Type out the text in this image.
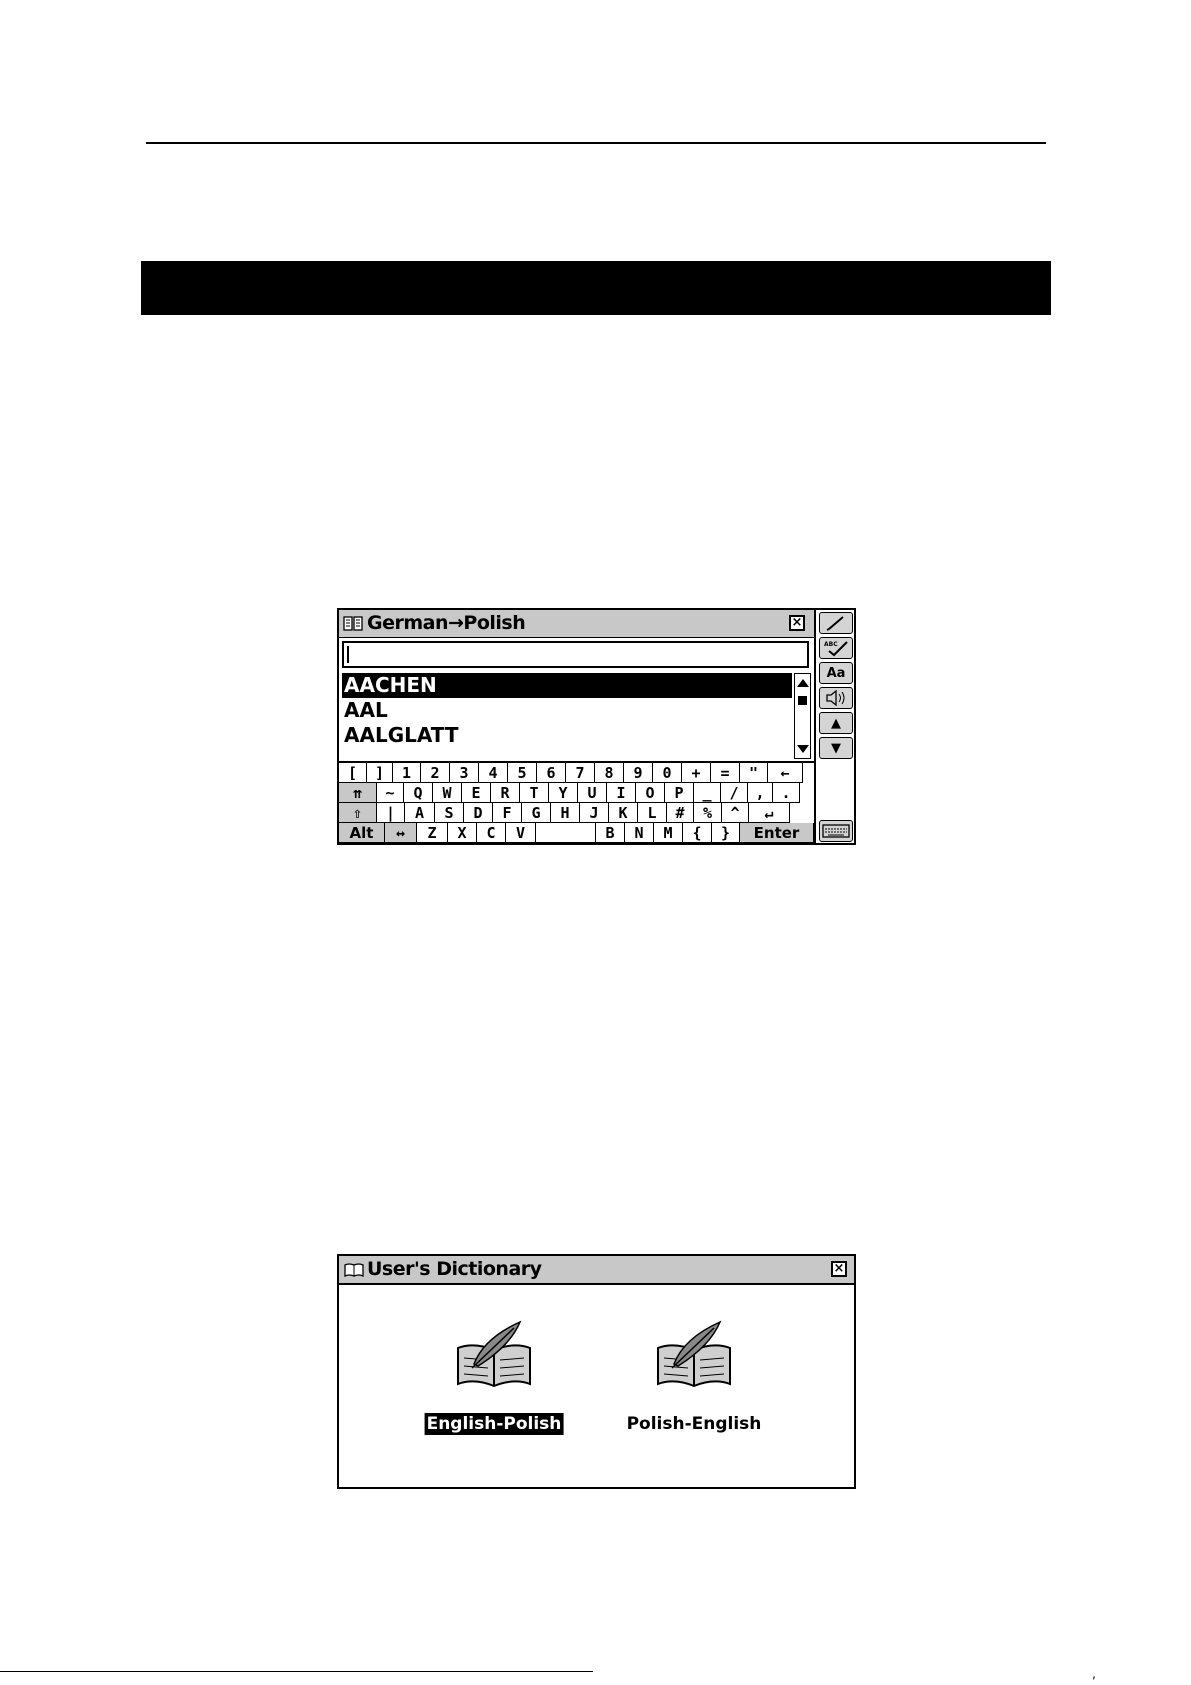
German→Polish	×
AACHEN
AAL
AALGLATT
[	]	1	2	3	4	5	6	7	8	9	0	+	=	"	←
⇈	~	Q	W	E	R	T	Y	U	I	O	P	_	/	,	.
⇧	|	A	S	D	F	G	H	J	K	L	#	%	^	↵
Alt	↔	Z	X	C	V	B	N	M	{	}	Enter
ABC
Aa
▲
▼
User's Dictionary	×
English-Polish	Polish-English
‚
